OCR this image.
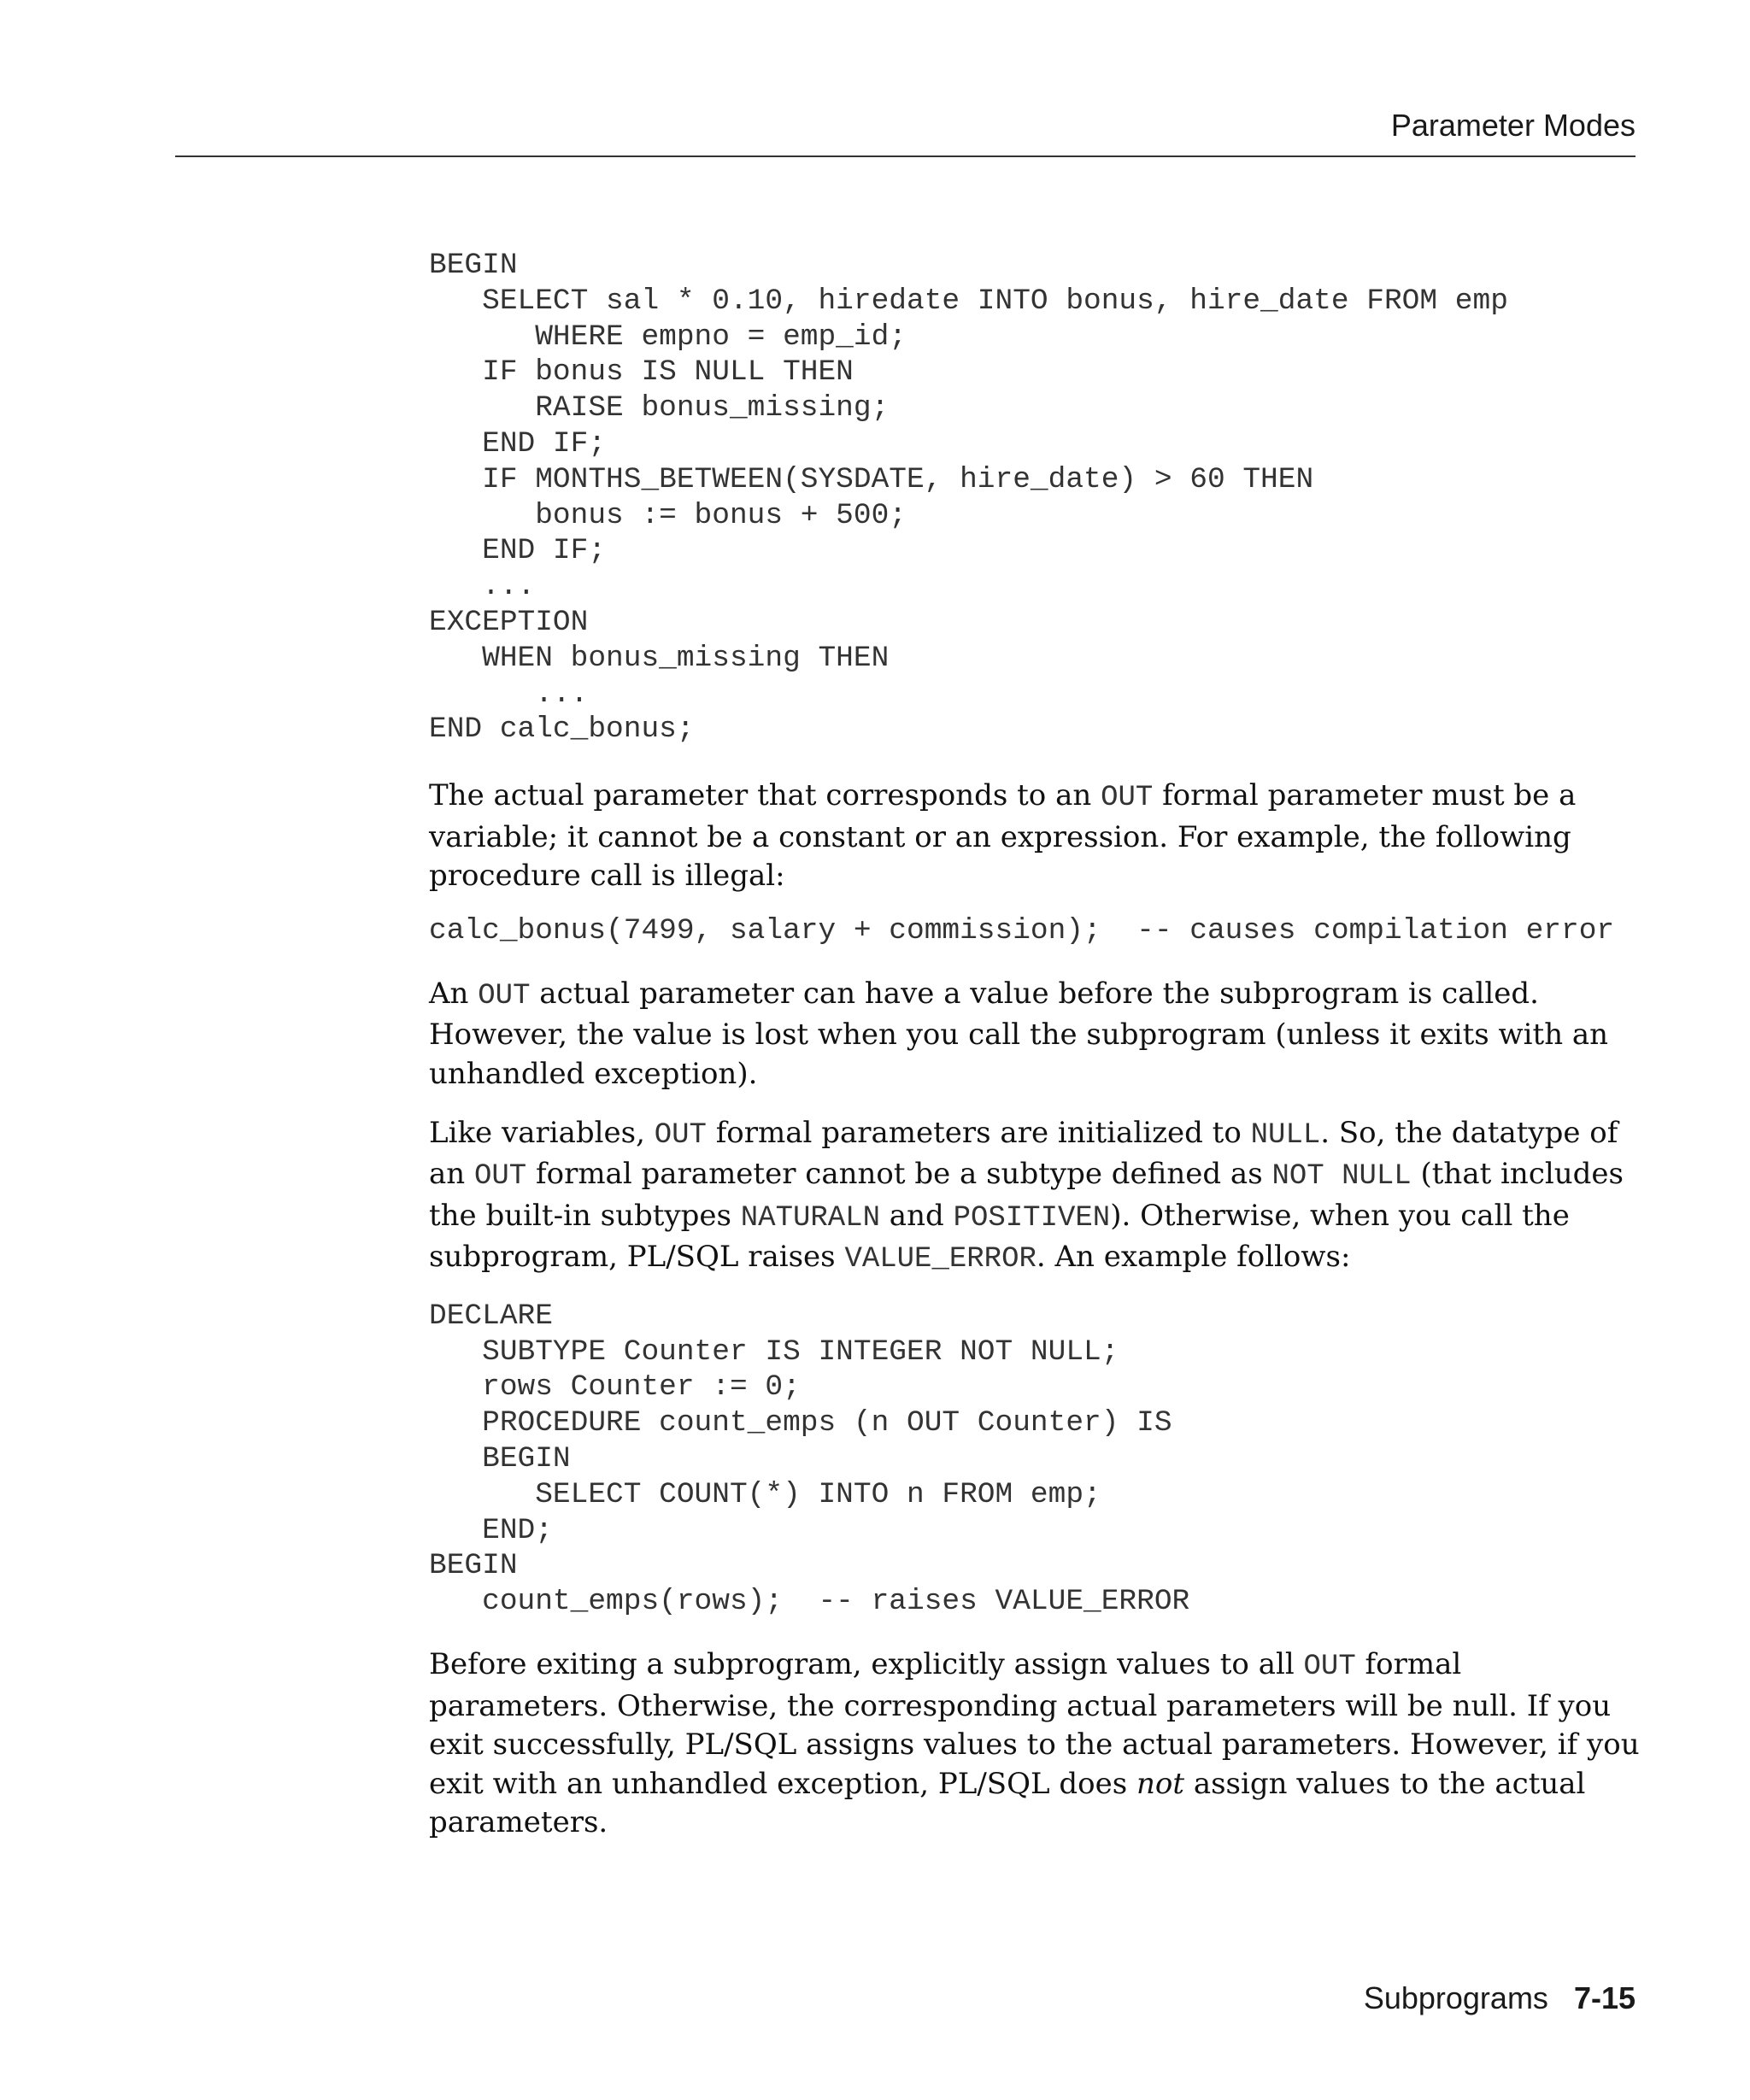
Parameter Modes
BEGIN
SELECT sal * 0.10, hiredate INTO bonus, hire_date FROM emp
WHERE empno = emp_id;
IF bonus IS NULL THEN
RAISE bonus_missing;
END IF;
IF MONTHS_BETWEEN(SYSDATE, hire_date) > 60 THEN
bonus := bonus + 500;
END IF;
...
EXCEPTION
WHEN bonus_missing THEN
...
END calc_bonus;

The actual parameter that corresponds to an OUT formal parameter must be a variable; it cannot be a constant or an expression. For example, the following procedure call is illegal:

calc_bonus(7499, salary + commission);  -- causes compilation error

An OUT actual parameter can have a value before the subprogram is called. However, the value is lost when you call the subprogram (unless it exits with an unhandled exception).

Like variables, OUT formal parameters are initialized to NULL. So, the datatype of an OUT formal parameter cannot be a subtype defined as NOT NULL (that includes the built-in subtypes NATURALN and POSITIVEN). Otherwise, when you call the subprogram, PL/SQL raises VALUE_ERROR. An example follows:

DECLARE
SUBTYPE Counter IS INTEGER NOT NULL;
rows Counter := 0;
PROCEDURE count_emps (n OUT Counter) IS
BEGIN
SELECT COUNT(*) INTO n FROM emp;
END;
BEGIN
count_emps(rows);  -- raises VALUE_ERROR

Before exiting a subprogram, explicitly assign values to all OUT formal parameters. Otherwise, the corresponding actual parameters will be null. If you exit successfully, PL/SQL assigns values to the actual parameters. However, if you exit with an unhandled exception, PL/SQL does not assign values to the actual parameters.

Subprograms 7-15
